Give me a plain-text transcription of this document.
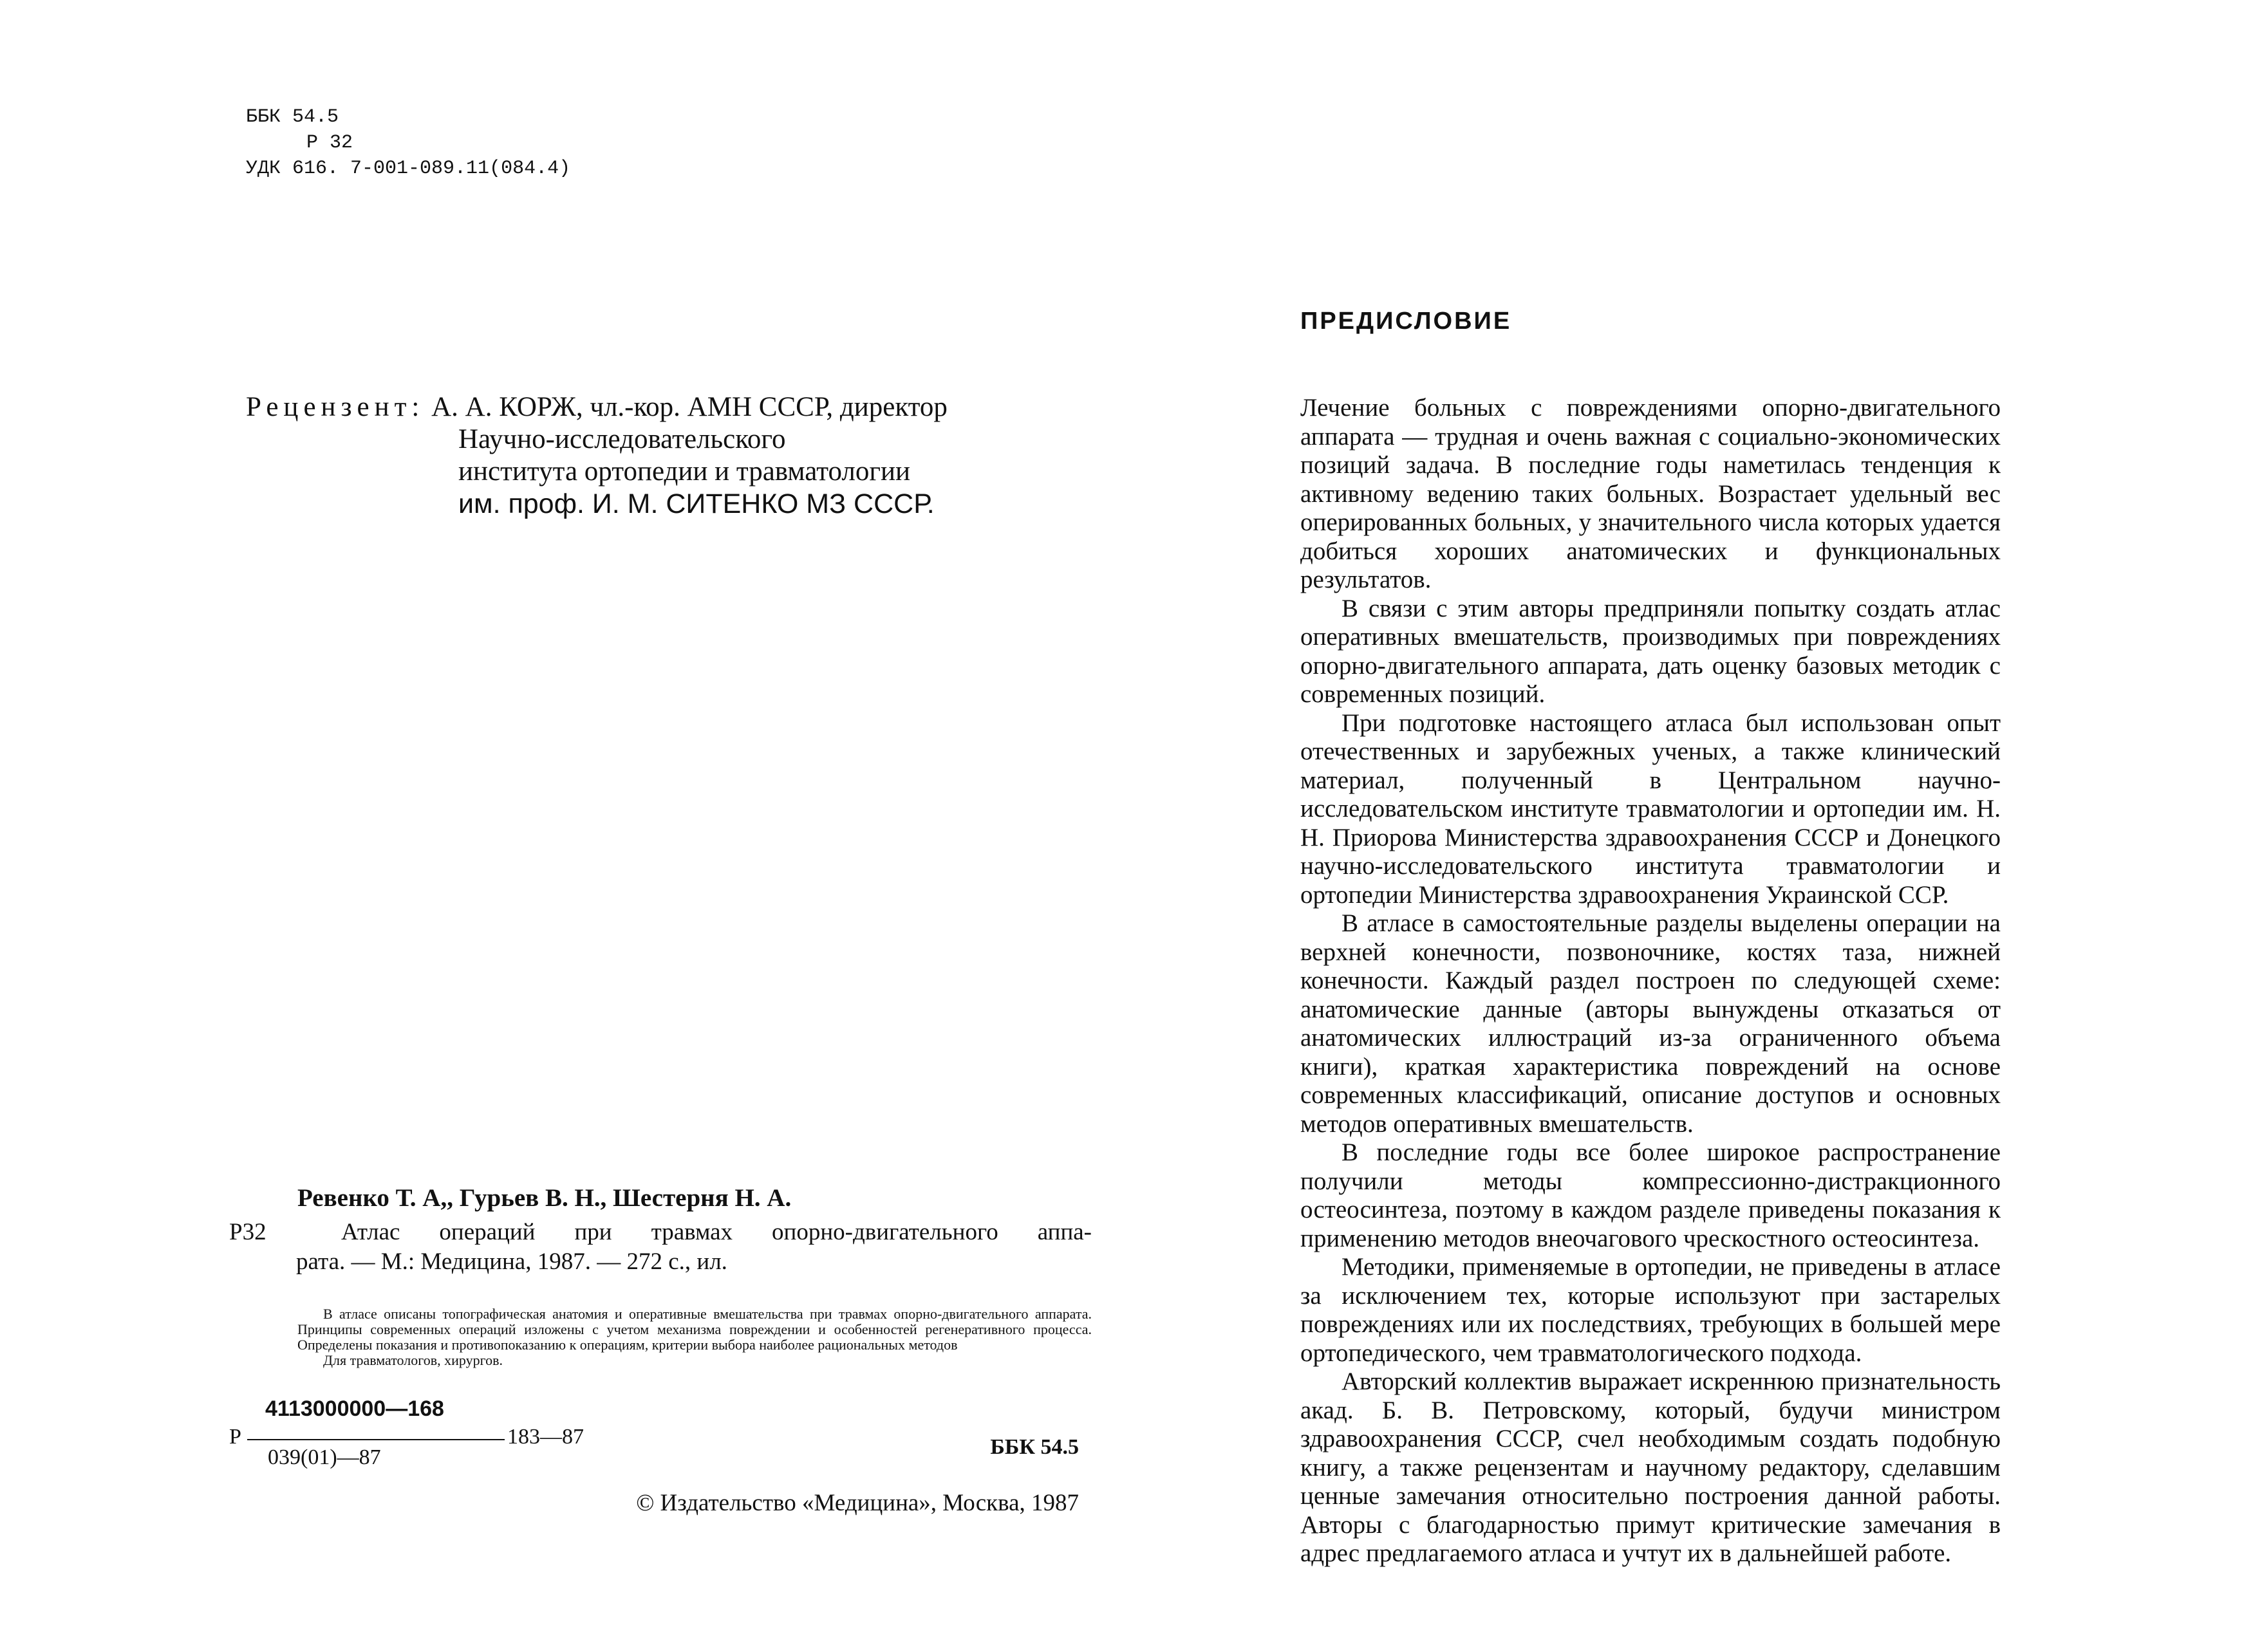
ББК 54.5
Р 32
УДК 616. 7-001-089.11(084.4)
Рецензент: А. А. КОРЖ, чл.-кор. АМН СССР, директор
Научно-исследовательского
института ортопедии и травматологии
им. проф. И. М. СИТЕНКО МЗ СССР.
Ревенко Т. А,, Гурьев В. Н., Шестерня Н. А.
Р32	Атлас операций при травмах опорно-двигательного аппа-
рата. — М.: Медицина, 1987. — 272 с., ил.
В атласе описаны топографическая анатомия и оперативные вмешательства при травмах опорно-двигательного аппарата. Принципы современных операций изложены с учетом механизма повреждении и особенностей регенеративного процесса. Определены показания и противопоказанию к операциям, критерии выбора наиболее рациональных методов
Для травматологов, хирургов.
4113000000—168
Р
039(01)—87
183—87	ББК 54.5
© Издательство «Медицина», Москва, 1987
ПРЕДИСЛОВИЕ

Лечение больных с повреждениями опорно-двигательного аппарата — трудная и очень важная с социально-экономических позиций задача. В последние годы наметилась тенденция к активному ведению таких больных. Возрастает удельный вес оперированных больных, у значительного числа которых удается добиться хороших анатомических и функциональных результатов.

В связи с этим авторы предприняли попытку создать атлас оперативных вмешательств, производимых при повреждениях опорно-двигательного аппарата, дать оценку базовых методик с современных позиций.

При подготовке настоящего атласа был использован опыт отечественных и зарубежных ученых, а также клинический материал, полученный в Центральном научно-исследовательском институте травматологии и ортопедии им. Н. Н. Приорова Министерства здравоохранения СССР и Донецкого научно-исследовательского института травматологии и ортопедии Министерства здравоохранения Украинской ССР.

В атласе в самостоятельные разделы выделены операции на верхней конечности, позвоночнике, костях таза, нижней конечности. Каждый раздел построен по следующей схеме: анатомические данные (авторы вынуждены отказаться от анатомических иллюстраций из-за ограниченного объема книги), краткая характеристика повреждений на основе современных классификаций, описание доступов и основных методов оперативных вмешательств.

В последние годы все более широкое распространение получили методы компрессионно-дистракционного остеосинтеза, поэтому в каждом разделе приведены показания к применению методов внеочагового чрескостного остеосинтеза.

Методики, применяемые в ортопедии, не приведены в атласе за исключением тех, которые используют при застарелых повреждениях или их последствиях, требующих в большей мере ортопедического, чем травматологического подхода.

Авторский коллектив выражает искреннюю признательность акад. Б. В. Петровскому, который, будучи министром здравоохранения СССР, счел необходимым создать подобную книгу, а также рецензентам и научному редактору, сделавшим ценные замечания относительно построения данной работы. Авторы с благодарностью примут критические замечания в адрес предлагаемого атласа и учтут их в дальнейшей работе.
